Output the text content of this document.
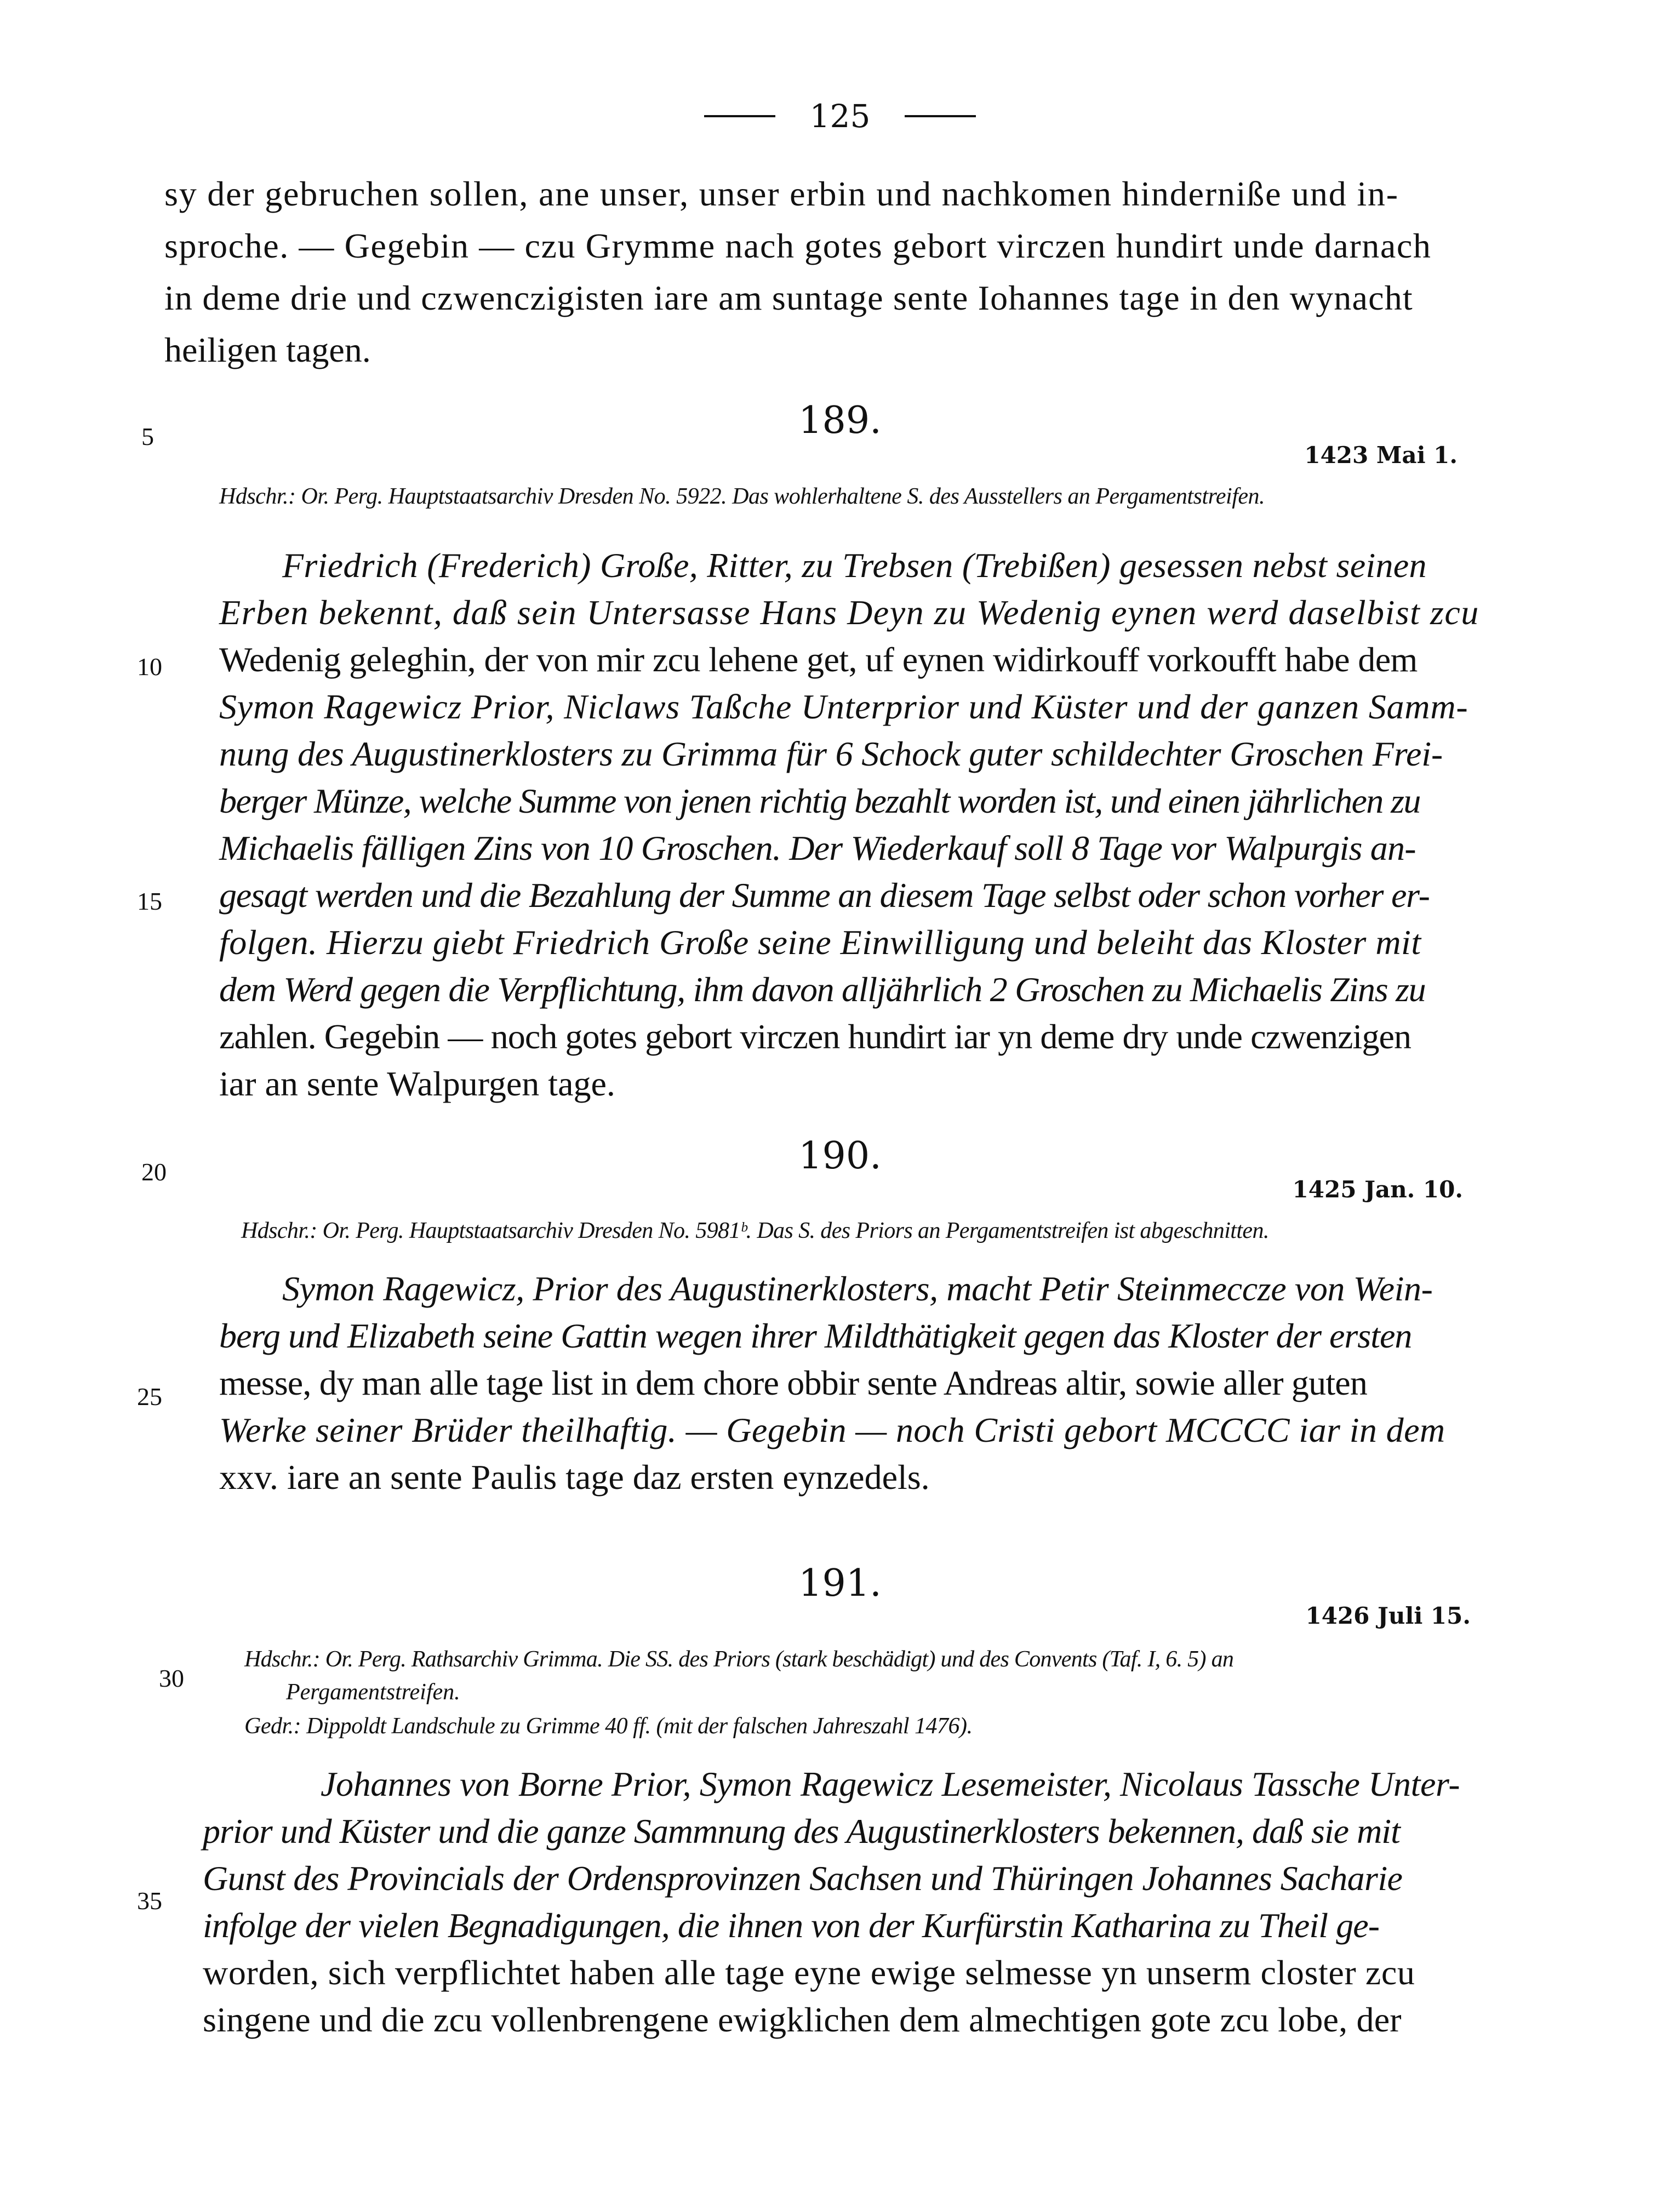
125
sy der gebruchen sollen, ane unser, unser erbin und nachkomen hinderniße und in-
sproche. — Gegebin — czu Grymme nach gotes gebort virczen hundirt unde darnach
in deme drie und czwenczigisten iare am suntage sente Iohannes tage in den wynacht
heiligen tagen.
5
10
15
20
25
30
35
189.
1423 Mai 1.
Hdschr.: Or. Perg. Hauptstaatsarchiv Dresden No. 5922. Das wohlerhaltene S. des Ausstellers an Pergamentstreifen.
Friedrich (Frederich) Große, Ritter, zu Trebsen (Trebißen) gesessen nebst seinen
Erben bekennt, daß sein Untersasse Hans Deyn zu Wedenig eynen werd daselbist zcu
Wedenig geleghin, der von mir zcu lehene get, uf eynen widirkouff vorkoufft habe dem
Symon Ragewicz Prior, Niclaws Taßche Unterprior und Küster und der ganzen Samm-
nung des Augustinerklosters zu Grimma für 6 Schock guter schildechter Groschen Frei-
berger Münze, welche Summe von jenen richtig bezahlt worden ist, und einen jährlichen zu
Michaelis fälligen Zins von 10 Groschen. Der Wiederkauf soll 8 Tage vor Walpurgis an-
gesagt werden und die Bezahlung der Summe an diesem Tage selbst oder schon vorher er-
folgen. Hierzu giebt Friedrich Große seine Einwilligung und beleiht das Kloster mit
dem Werd gegen die Verpflichtung, ihm davon alljährlich 2 Groschen zu Michaelis Zins zu
zahlen. Gegebin — noch gotes gebort virczen hundirt iar yn deme dry unde czwenzigen
iar an sente Walpurgen tage.
190.
1425 Jan. 10.
Hdschr.: Or. Perg. Hauptstaatsarchiv Dresden No. 5981ᵇ. Das S. des Priors an Pergamentstreifen ist abgeschnitten.
Symon Ragewicz, Prior des Augustinerklosters, macht Petir Steinmeccze von Wein-
berg und Elizabeth seine Gattin wegen ihrer Mildthätigkeit gegen das Kloster der ersten
messe, dy man alle tage list in dem chore obbir sente Andreas altir, sowie aller guten
Werke seiner Brüder theilhaftig. — Gegebin — noch Cristi gebort MCCCC iar in dem
xxv. iare an sente Paulis tage daz ersten eynzedels.
191.
1426 Juli 15.
Hdschr.: Or. Perg. Rathsarchiv Grimma. Die SS. des Priors (stark beschädigt) und des Convents (Taf. I, 6. 5) an
Pergamentstreifen.
Gedr.: Dippoldt Landschule zu Grimme 40 ff. (mit der falschen Jahreszahl 1476).
Johannes von Borne Prior, Symon Ragewicz Lesemeister, Nicolaus Tassche Unter-
prior und Küster und die ganze Sammnung des Augustinerklosters bekennen, daß sie mit
Gunst des Provincials der Ordensprovinzen Sachsen und Thüringen Johannes Sacharie
infolge der vielen Begnadigungen, die ihnen von der Kurfürstin Katharina zu Theil ge-
worden, sich verpflichtet haben alle tage eyne ewige selmesse yn unserm closter zcu
singene und die zcu vollenbrengene ewigklichen dem almechtigen gote zcu lobe, der
